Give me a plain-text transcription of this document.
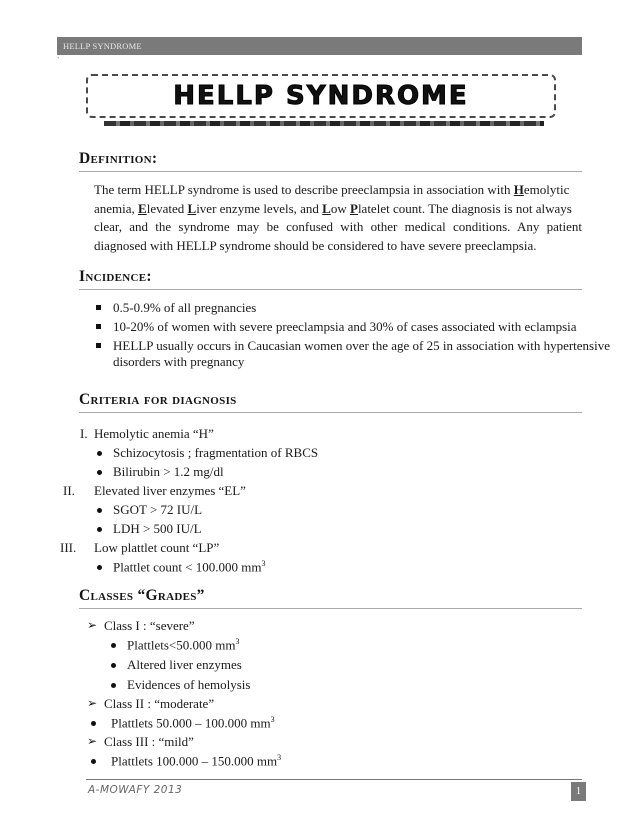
HELLP SYNDROME
`
HELLP SYNDROME
Definition:
The term HELLP syndrome is used to describe preeclampsia in association with Hemolytic
anemia, Elevated Liver enzyme levels, and Low Platelet count. The diagnosis is not always
clear, and the syndrome may be confused with other medical conditions. Any patient
diagnosed with HELLP syndrome should be considered to have severe preeclampsia.
Incidence:
0.5-0.9% of all pregnancies
10-20% of women with severe preeclampsia and 30% of cases associated with eclampsia
HELLP usually occurs in Caucasian women over the age of 25 in association with hypertensive
disorders with pregnancy
Criteria for diagnosis
I. Hemolytic anemia “H”
Schizocytosis ; fragmentation of RBCS
Bilirubin > 1.2 mg/dl
II. Elevated liver enzymes “EL”
SGOT > 72 IU/L
LDH > 500 IU/L
III. Low plattlet count “LP”
Plattlet count < 100.000 $mm^3$
Classes “Grades”
➢ Class I : “severe”
Plattlets<50.000 $mm^3$
Altered liver enzymes
Evidences of hemolysis
➢ Class II : “moderate”
Plattlets 50.000 – 100.000 $mm^3$
➢ Class III : “mild”
Plattlets 100.000 – 150.000 $mm^3$
A-MOWAFY 2013	1
